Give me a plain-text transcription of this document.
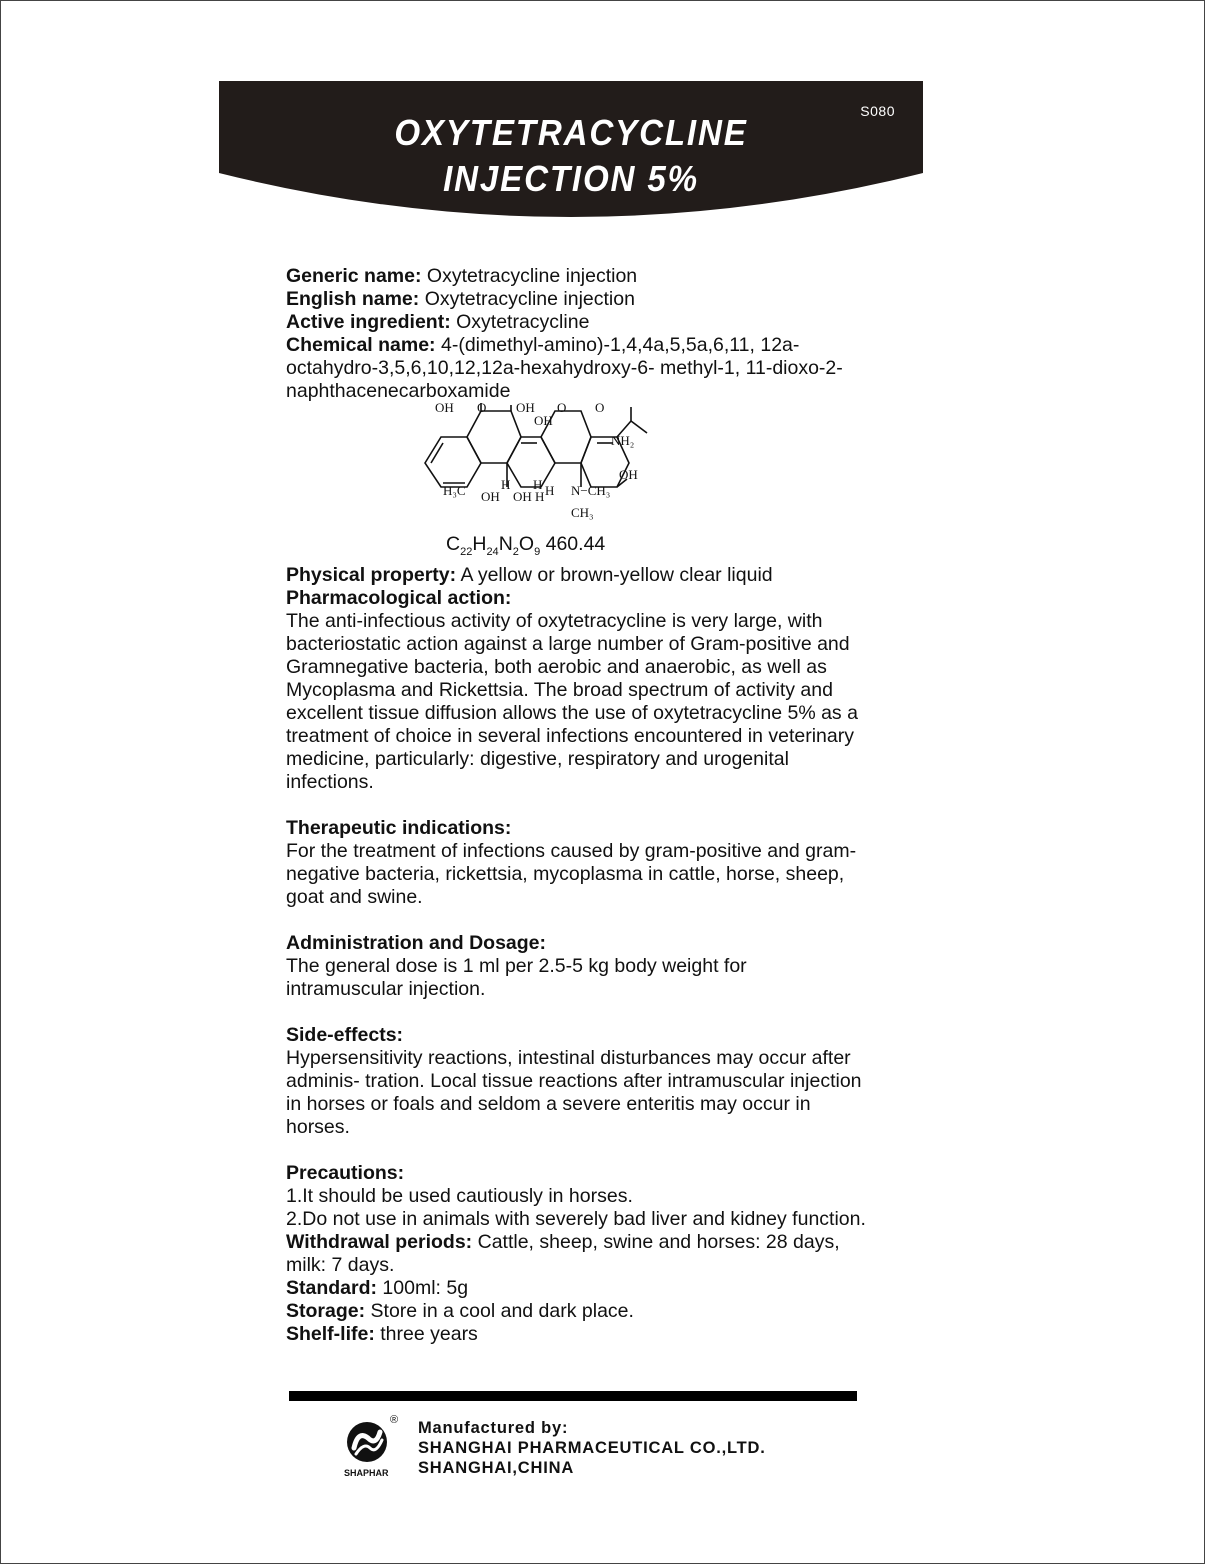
S080
OXYTETRACYCLINE
INJECTION 5%

Generic name: Oxytetracycline injection

English name: Oxytetracycline injection

Active ingredient: Oxytetracycline

Chemical name: 4-(dimethyl-amino)-1,4,4a,5,5a,6,11, 12a-octahydro-3,5,6,10,12,12a-hexahydroxy-6- methyl-1, 11-dioxo-2-naphthacenecarboxamide

OH O OH O O
OH
NH₂
OH
H₃C OH
H
OH
H
H H N−CH₃
CH₃

$C_{22}H_{24}N_2O_9$ 460.44

Physical property: A yellow or brown-yellow clear liquid

Pharmacological action:

The anti-infectious activity of oxytetracycline is very large, with bacteriostatic action against a large number of Gram-positive and Gramnegative bacteria, both aerobic and anaerobic, as well as Mycoplasma and Rickettsia. The broad spectrum of activity and excellent tissue diffusion allows the use of oxytetracycline 5% as a treatment of choice in several infections encountered in veterinary medicine, particularly: digestive, respiratory and urogenital infections.

Therapeutic indications:

For the treatment of infections caused by gram-positive and gram-negative bacteria, rickettsia, mycoplasma in cattle, horse, sheep, goat and swine.

Administration and Dosage:

The general dose is 1 ml per 2.5-5 kg body weight for intramuscular injection.

Side-effects:

Hypersensitivity reactions, intestinal disturbances may occur after adminis- tration. Local tissue reactions after intramuscular injection in horses or foals and seldom a severe enteritis may occur in horses.

Precautions:

1.It should be used cautiously in horses.

2.Do not use in animals with severely bad liver and kidney function.

Withdrawal periods: Cattle, sheep, swine and horses: 28 days, milk: 7 days.

Standard: 100ml: 5g

Storage: Store in a cool and dark place.

Shelf-life: three years

®
SHAPHAR
Manufactured by:
SHANGHAI PHARMACEUTICAL CO.,LTD.
SHANGHAI,CHINA
